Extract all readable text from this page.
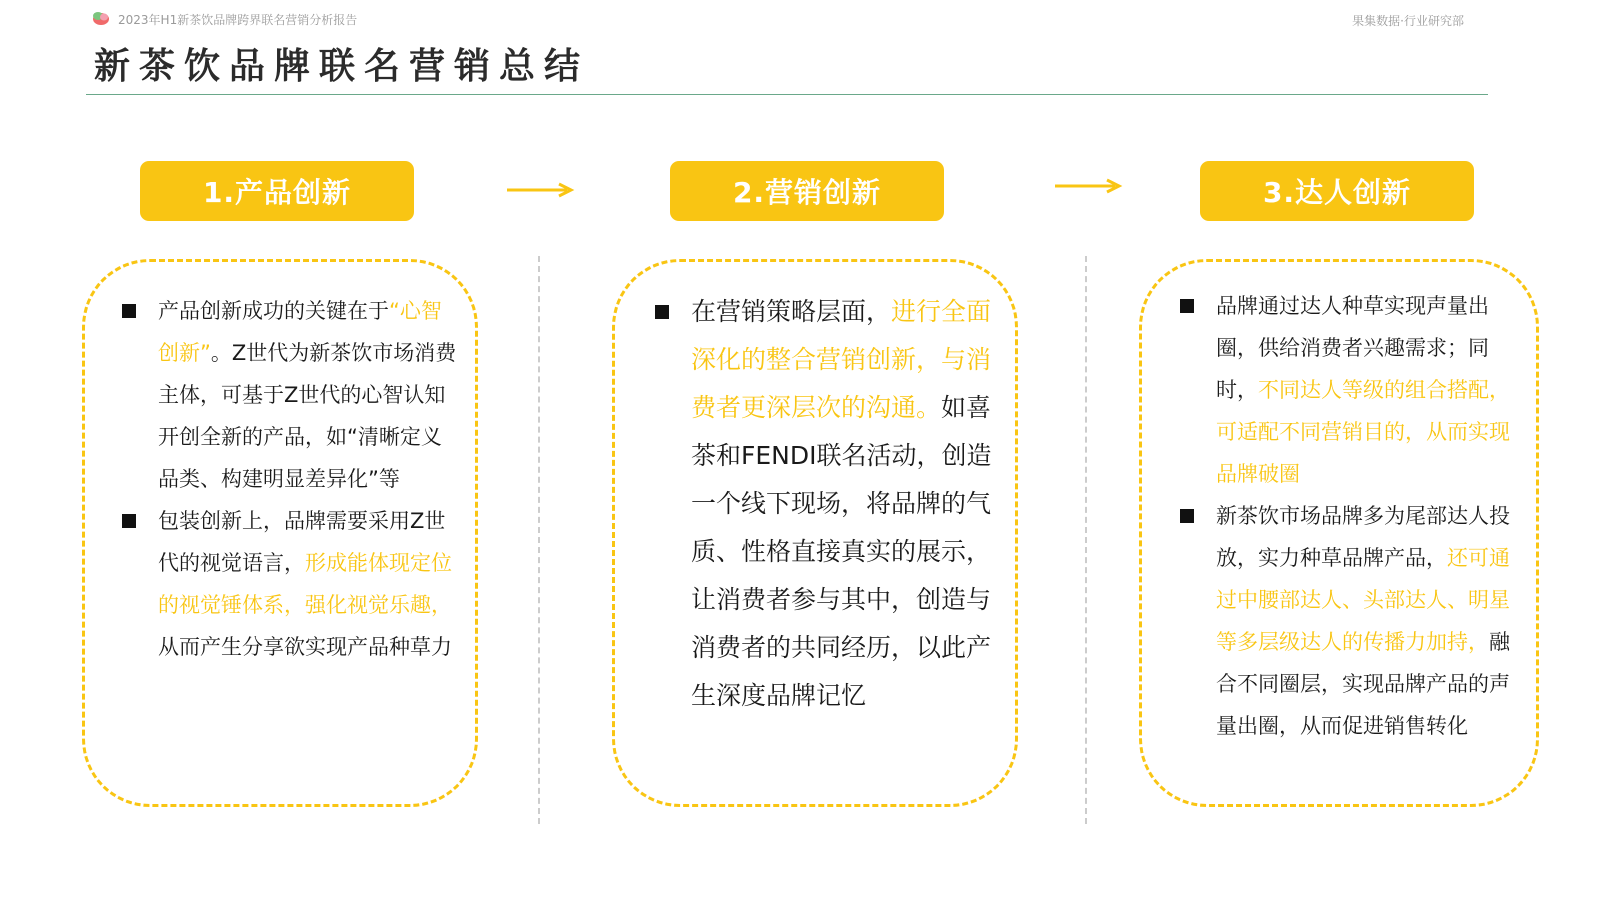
2023年H1新茶饮品牌跨界联名营销分析报告	果集数据·行业研究部
新茶饮品牌联名营销总结
1.产品创新	2.营销创新	3.达人创新
产品创新成功的关键在于“心智创新”。Z世代为新茶饮市场消费主体，可基于Z世代的心智认知开创全新的产品，如“清晰定义品类、构建明显差异化”等
包装创新上，品牌需要采用Z世代的视觉语言，形成能体现定位的视觉锤体系，强化视觉乐趣，从而产生分享欲实现产品种草力
在营销策略层面，进行全面深化的整合营销创新，与消费者更深层次的沟通。如喜茶和FENDI联名活动，创造一个线下现场，将品牌的气质、性格直接真实的展示，让消费者参与其中，创造与消费者的共同经历，以此产生深度品牌记忆
品牌通过达人种草实现声量出圈，供给消费者兴趣需求；同时，不同达人等级的组合搭配，可适配不同营销目的，从而实现品牌破圈
新茶饮市场品牌多为尾部达人投放，实力种草品牌产品，还可通过中腰部达人、头部达人、明星等多层级达人的传播力加持，融合不同圈层，实现品牌产品的声量出圈，从而促进销售转化
